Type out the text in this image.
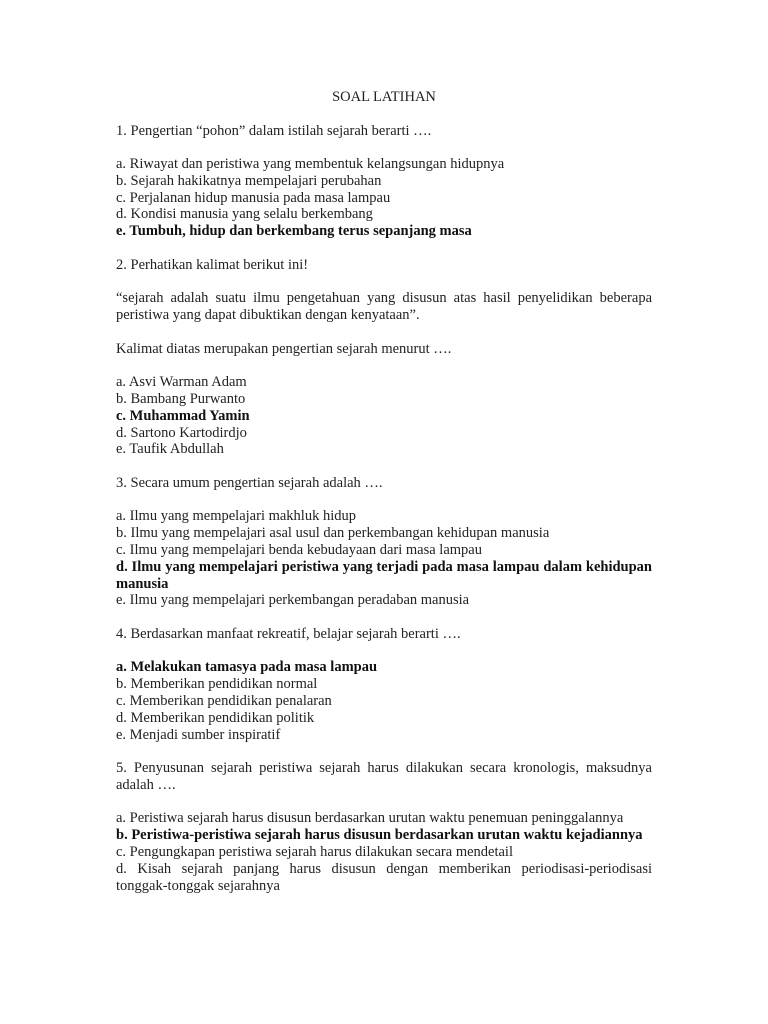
SOAL LATIHAN

1. Pengertian “pohon” dalam istilah sejarah berarti ….

a. Riwayat dan peristiwa yang membentuk kelangsungan hidupnya

b. Sejarah hakikatnya mempelajari perubahan

c. Perjalanan hidup manusia pada masa lampau

d. Kondisi manusia yang selalu berkembang

e. Tumbuh, hidup dan berkembang terus sepanjang masa

2. Perhatikan kalimat berikut ini!

“sejarah adalah suatu ilmu pengetahuan yang disusun atas hasil penyelidikan beberapa peristiwa yang dapat dibuktikan dengan kenyataan”.

Kalimat diatas merupakan pengertian sejarah menurut ….

a. Asvi Warman Adam

b. Bambang Purwanto

c. Muhammad Yamin

d. Sartono Kartodirdjo

e. Taufik Abdullah

3. Secara umum pengertian sejarah adalah ….

a. Ilmu yang mempelajari makhluk hidup

b. Ilmu yang mempelajari asal usul dan perkembangan kehidupan manusia

c. Ilmu yang mempelajari benda kebudayaan dari masa lampau

d. Ilmu yang mempelajari peristiwa yang terjadi pada masa lampau dalam kehidupan manusia

e. Ilmu yang mempelajari perkembangan peradaban manusia

4. Berdasarkan manfaat rekreatif, belajar sejarah berarti ….

a. Melakukan tamasya pada masa lampau

b. Memberikan pendidikan normal

c. Memberikan pendidikan penalaran

d. Memberikan pendidikan politik

e. Menjadi sumber inspiratif

5. Penyusunan sejarah peristiwa sejarah harus dilakukan secara kronologis, maksudnya adalah ….

a. Peristiwa sejarah harus disusun berdasarkan urutan waktu penemuan peninggalannya

b. Peristiwa-peristiwa sejarah harus disusun berdasarkan urutan waktu kejadiannya

c. Pengungkapan peristiwa sejarah harus dilakukan secara mendetail

d. Kisah sejarah panjang harus disusun dengan memberikan periodisasi-periodisasi tonggak-tonggak sejarahnya
